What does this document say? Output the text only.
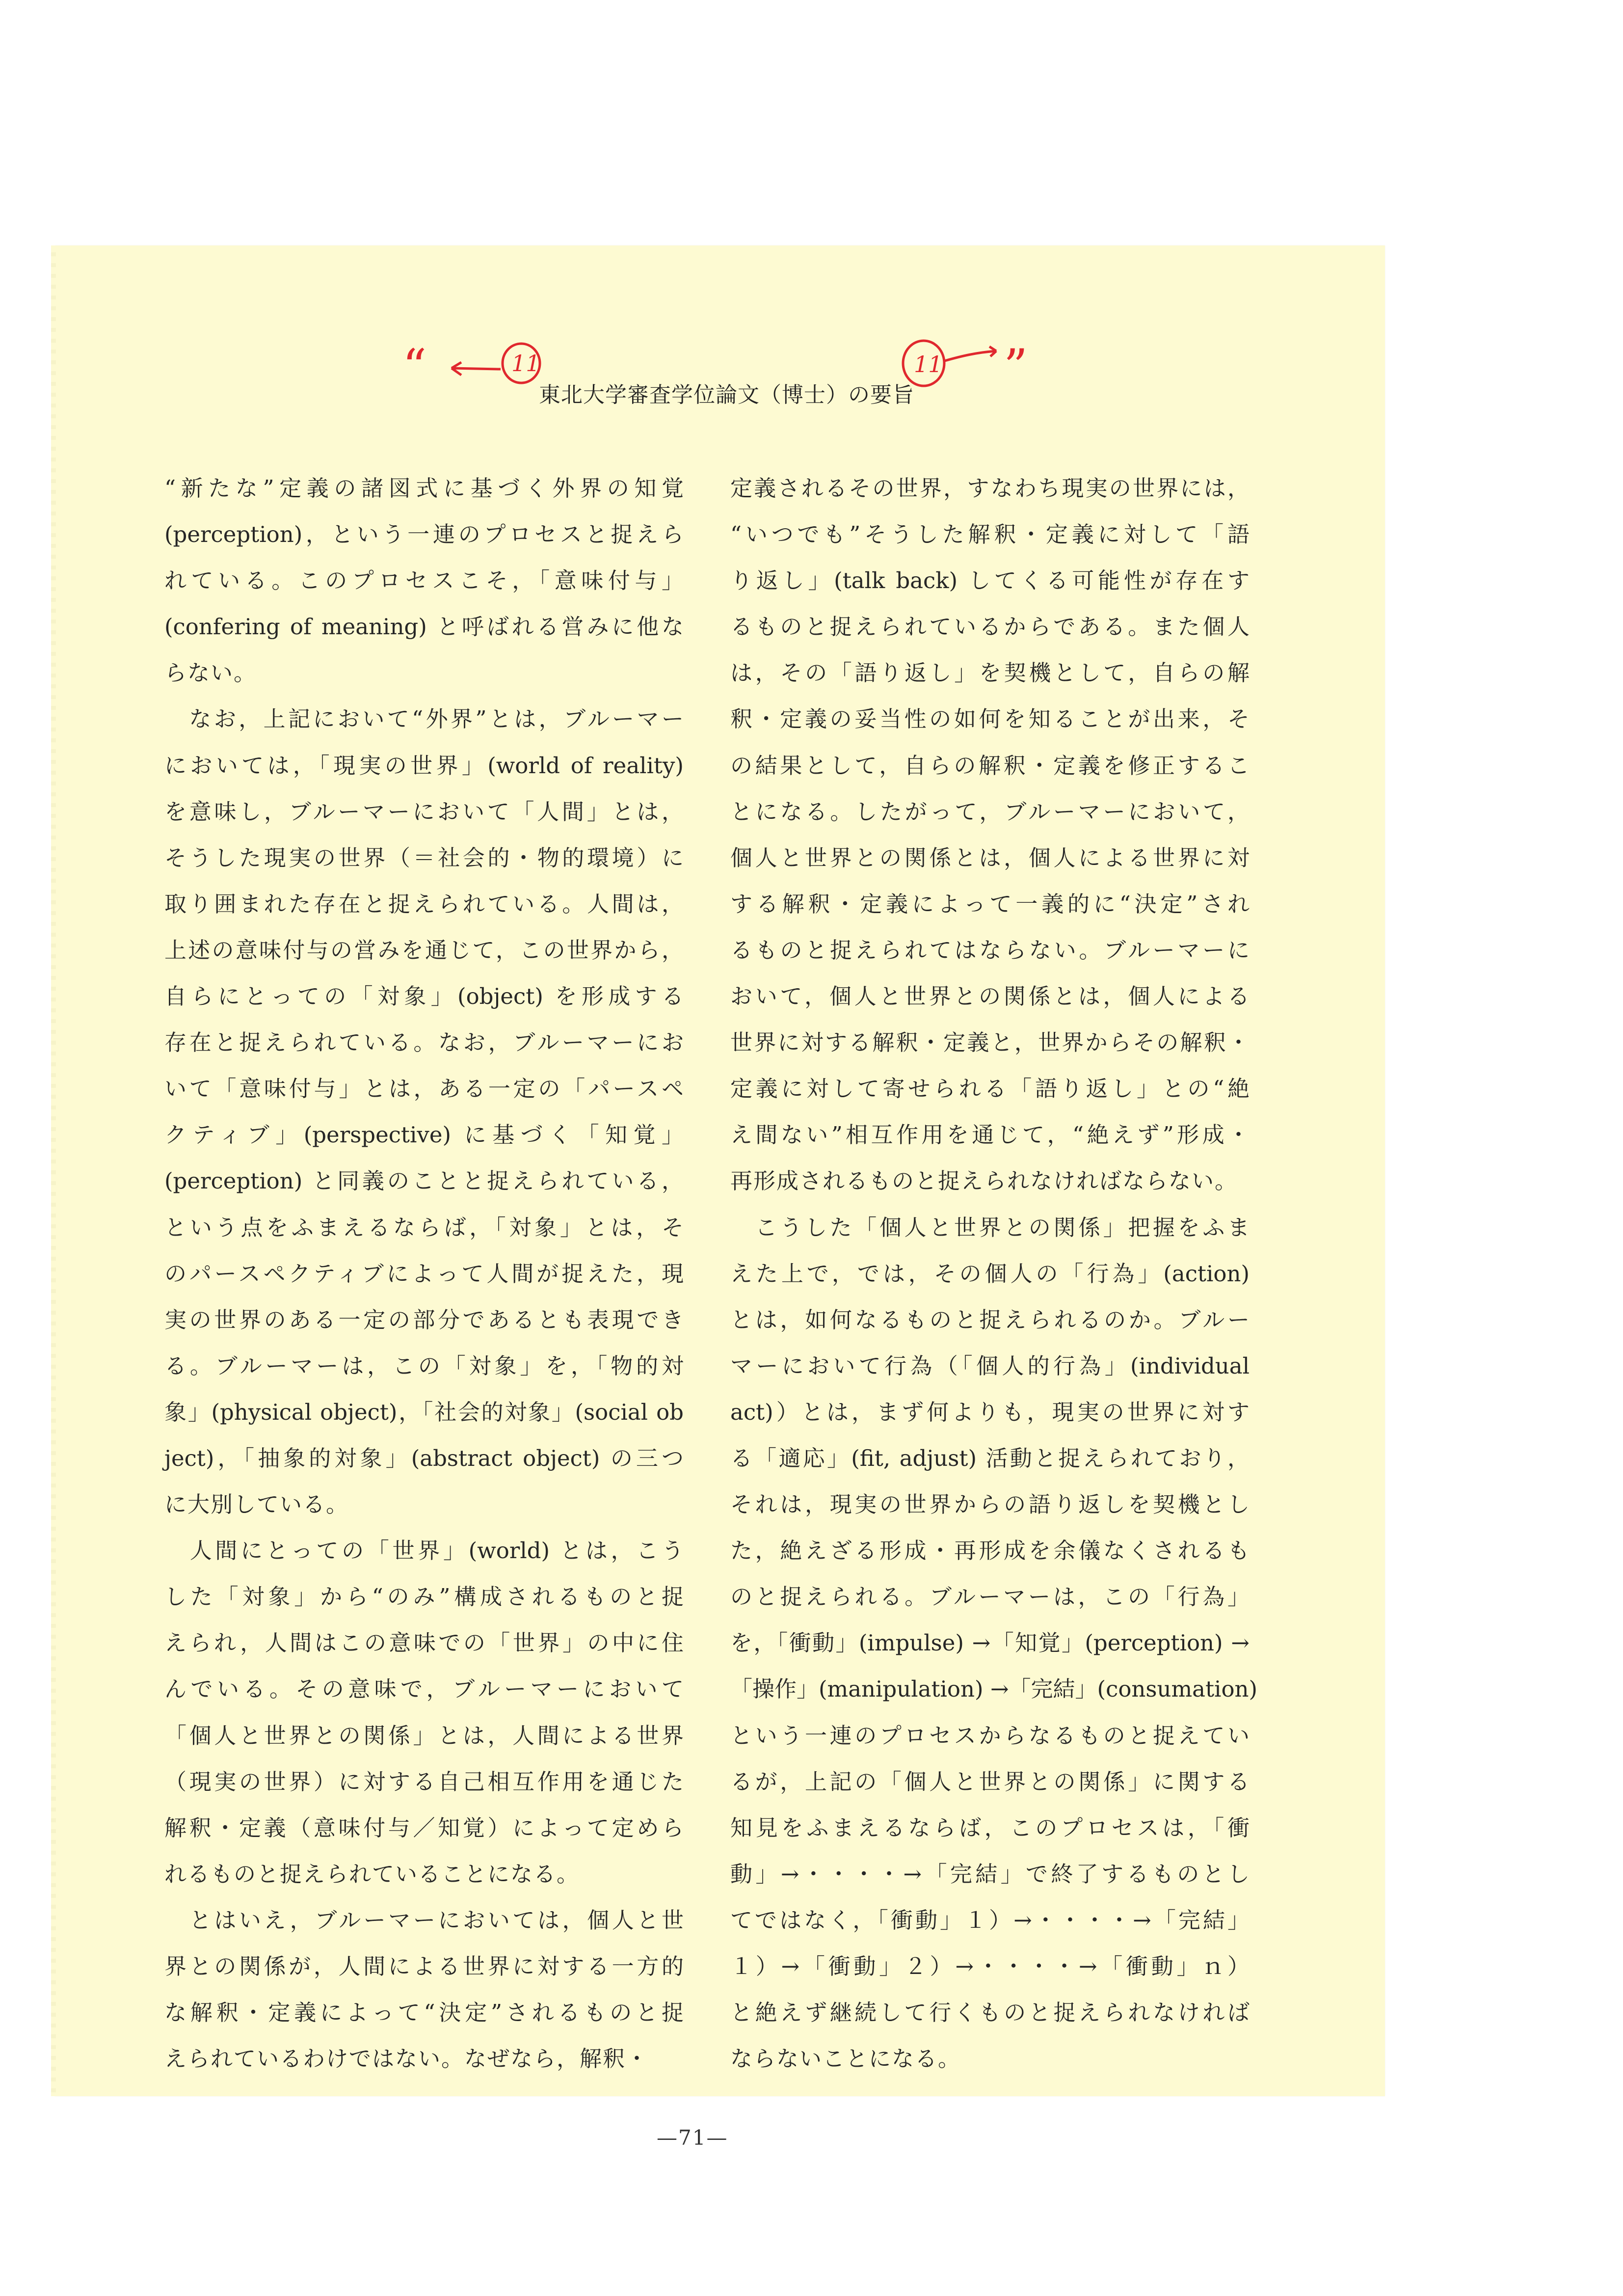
“	11	11 ”
東北大学審査学位論文（博士）の要旨
“新たな”定義の諸図式に基づく外界の知覚
(perception)，という一連のプロセスと捉えら
れている。このプロセスこそ，「意味付与」
(confering of meaning) と呼ばれる営みに他な
らない。
　なお，上記において“外界”とは，ブルーマー
においては，「現実の世界」(world of reality)
を意味し，ブルーマーにおいて「人間」とは，
そうした現実の世界（＝社会的・物的環境）に
取り囲まれた存在と捉えられている。人間は，
上述の意味付与の営みを通じて，この世界から，
自らにとっての「対象」(object) を形成する
存在と捉えられている。なお，ブルーマーにお
いて「意味付与」とは，ある一定の「パースペ
クティブ」(perspective) に基づく「知覚」
(perception) と同義のことと捉えられている，
という点をふまえるならば，「対象」とは，そ
のパースペクティブによって人間が捉えた，現
実の世界のある一定の部分であるとも表現でき
る。ブルーマーは，この「対象」を，「物的対
象」(physical object)，「社会的対象」(social ob
ject)，「抽象的対象」(abstract object) の三つ
に大別している。
　人間にとっての「世界」(world) とは，こう
した「対象」から“のみ”構成されるものと捉
えられ，人間はこの意味での「世界」の中に住
んでいる。その意味で，ブルーマーにおいて
「個人と世界との関係」とは，人間による世界
（現実の世界）に対する自己相互作用を通じた
解釈・定義（意味付与／知覚）によって定めら
れるものと捉えられていることになる。
　とはいえ，ブルーマーにおいては，個人と世
界との関係が，人間による世界に対する一方的
な解釈・定義によって“決定”されるものと捉
えられているわけではない。なぜなら，解釈・
定義されるその世界，すなわち現実の世界には，
“いつでも”そうした解釈・定義に対して「語
り返し」(talk back) してくる可能性が存在す
るものと捉えられているからである。また個人
は，その「語り返し」を契機として，自らの解
釈・定義の妥当性の如何を知ることが出来，そ
の結果として，自らの解釈・定義を修正するこ
とになる。したがって，ブルーマーにおいて，
個人と世界との関係とは，個人による世界に対
する解釈・定義によって一義的に“決定”され
るものと捉えられてはならない。ブルーマーに
おいて，個人と世界との関係とは，個人による
世界に対する解釈・定義と，世界からその解釈・
定義に対して寄せられる「語り返し」との“絶
え間ない”相互作用を通じて，“絶えず”形成・
再形成されるものと捉えられなければならない。
　こうした「個人と世界との関係」把握をふま
えた上で，では，その個人の「行為」(action)
とは，如何なるものと捉えられるのか。ブルー
マーにおいて行為（「個人的行為」(individual
act)）とは，まず何よりも，現実の世界に対す
る「適応」(fit, adjust) 活動と捉えられており，
それは，現実の世界からの語り返しを契機とし
た，絶えざる形成・再形成を余儀なくされるも
のと捉えられる。ブルーマーは，この「行為」
を，「衝動」(impulse) →「知覚」(perception) →
「操作」(manipulation) →「完結」(consumation)
という一連のプロセスからなるものと捉えてい
るが，上記の「個人と世界との関係」に関する
知見をふまえるならば，このプロセスは，「衝
動」→・・・・→「完結」で終了するものとし
てではなく，「衝動」１）→・・・・→「完結」
１）→「衝動」２）→・・・・→「衝動」ｎ）
と絶えず継続して行くものと捉えられなければ
ならないことになる。
—71—
